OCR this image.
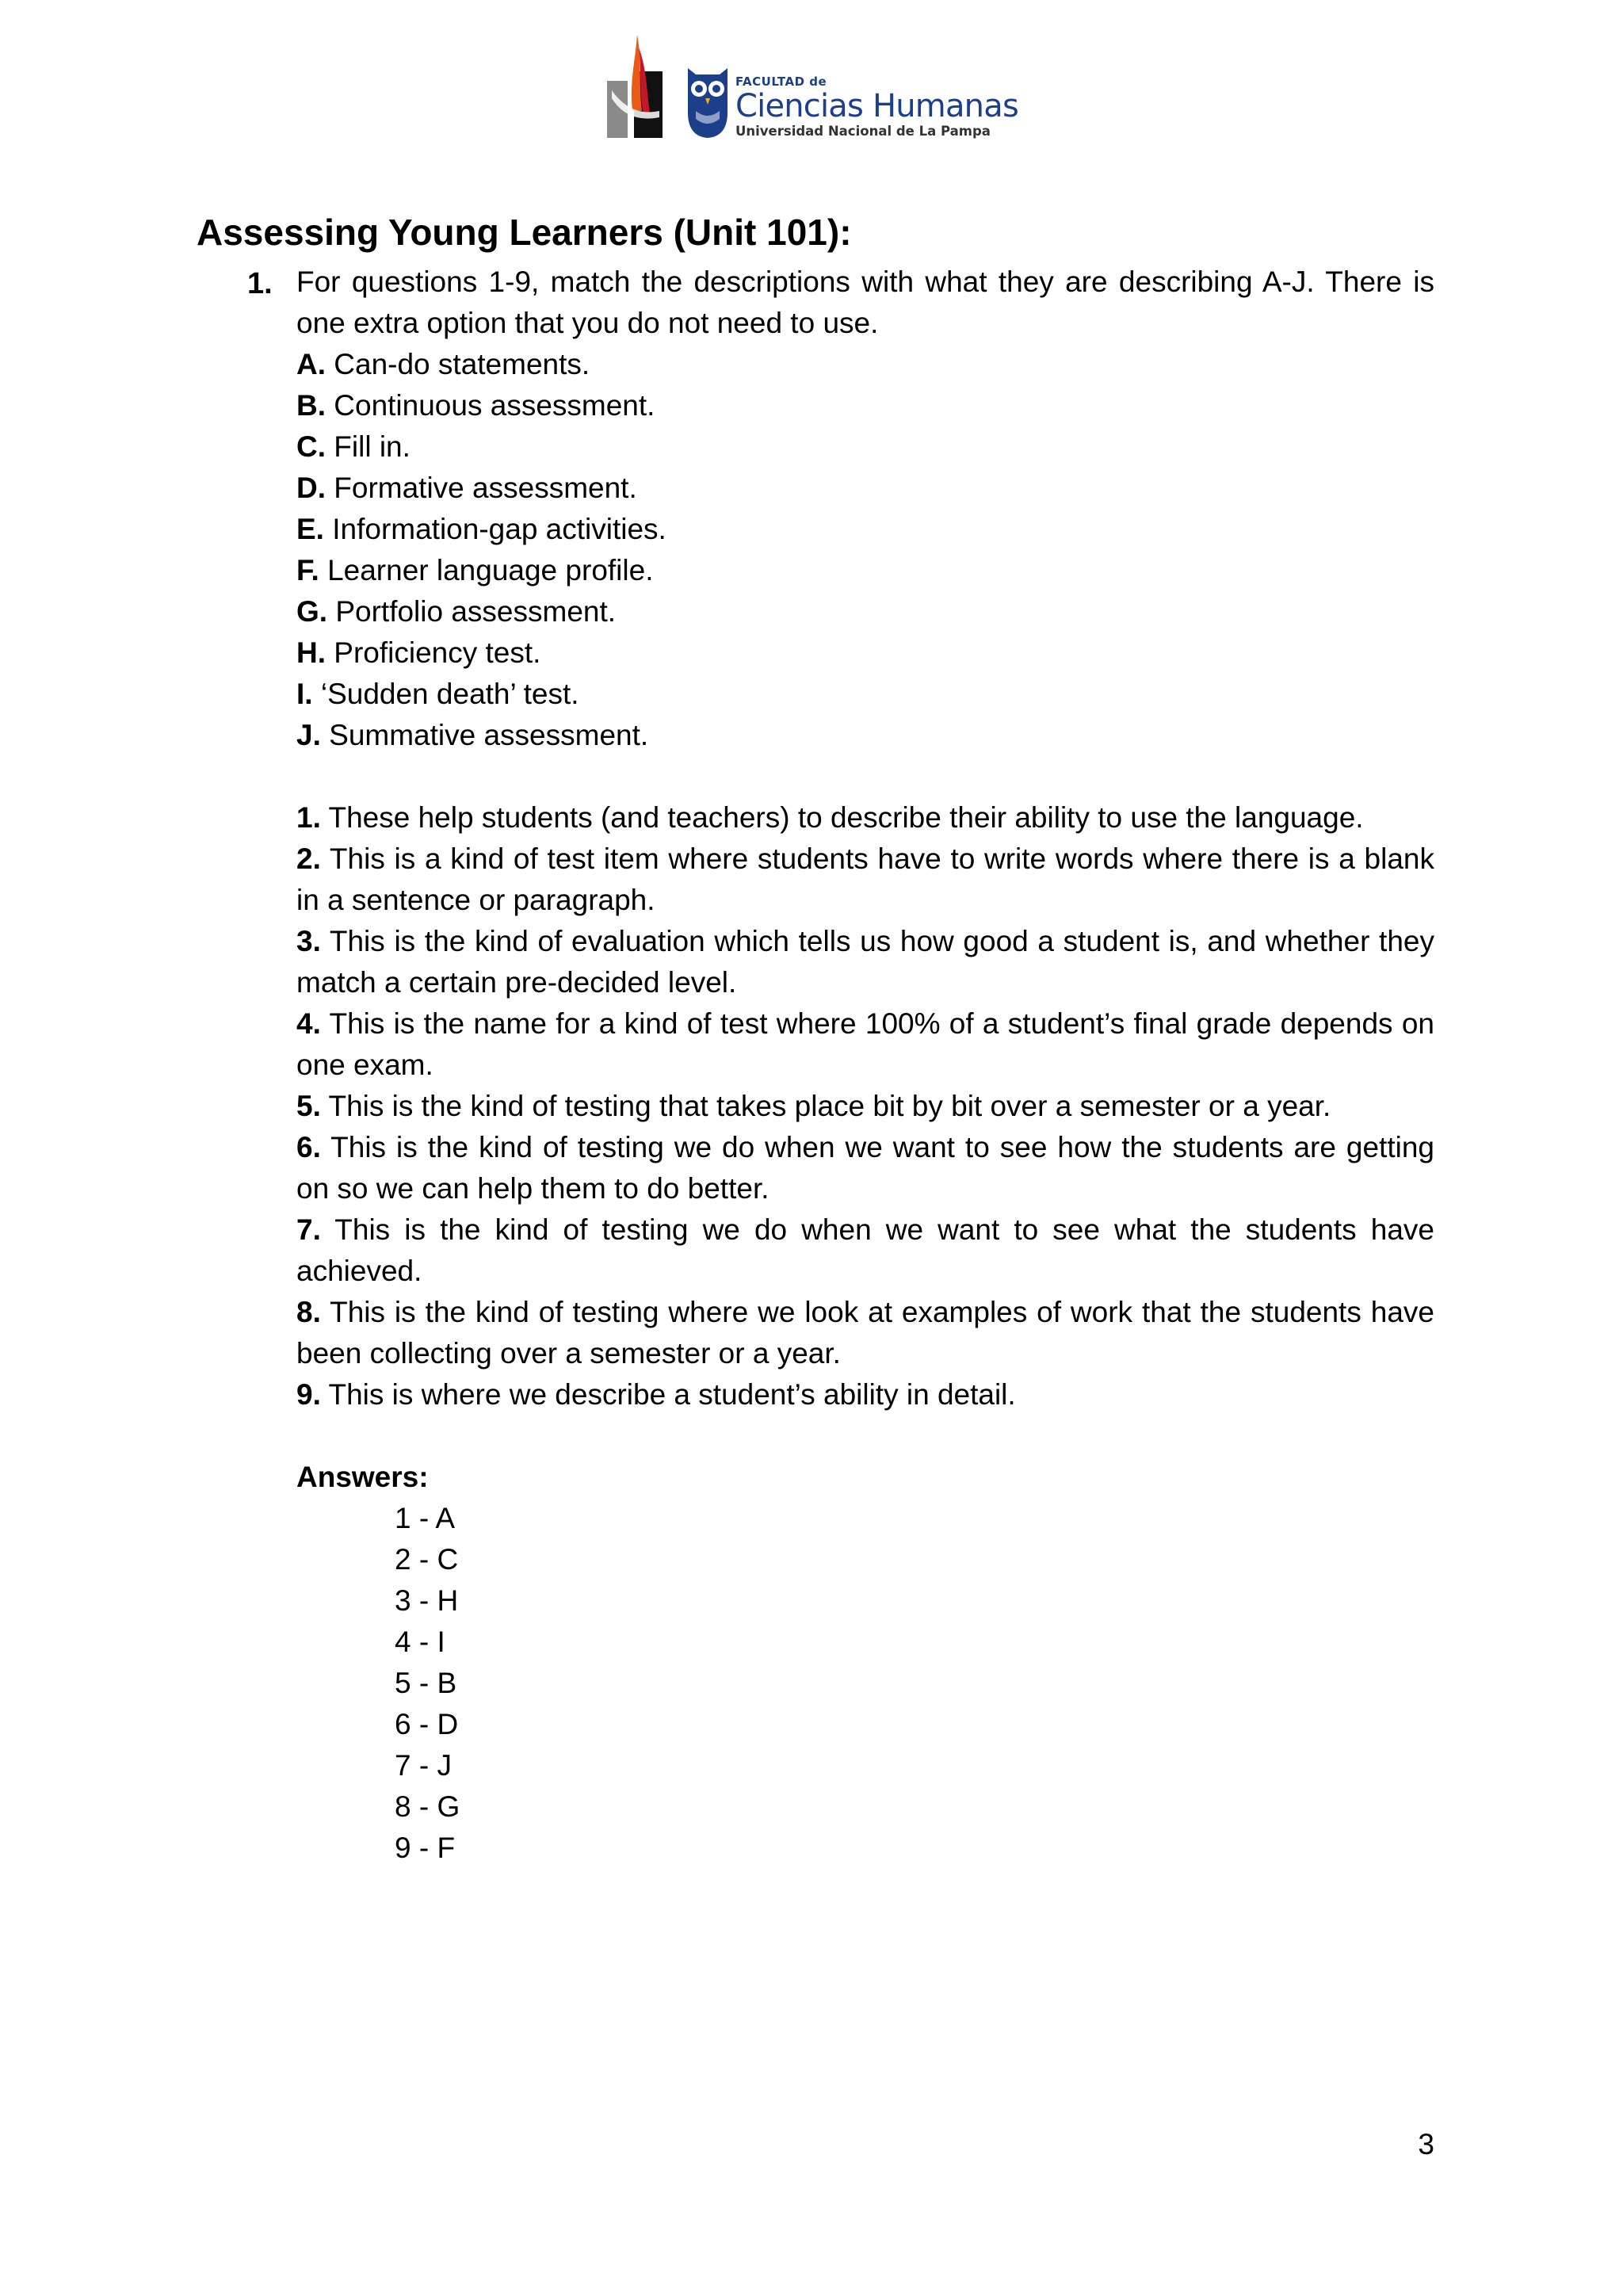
FACULTAD de
Ciencias Humanas
Universidad Nacional de La Pampa
Assessing Young Learners (Unit 101):
1. For questions 1-9, match the descriptions with what they are describing A-J. There is one extra option that you do not need to use.
A. Can-do statements.
B. Continuous assessment.
C. Fill in.
D. Formative assessment.
E. Information-gap activities.
F. Learner language profile.
G. Portfolio assessment.
H. Proficiency test.
I. ‘Sudden death’ test.
J. Summative assessment.
1. These help students (and teachers) to describe their ability to use the language.
2. This is a kind of test item where students have to write words where there is a blank in a sentence or paragraph.
3. This is the kind of evaluation which tells us how good a student is, and whether they match a certain pre-decided level.
4. This is the name for a kind of test where 100% of a student’s final grade depends on one exam.
5. This is the kind of testing that takes place bit by bit over a semester or a year.
6. This is the kind of testing we do when we want to see how the students are getting on so we can help them to do better.
7. This is the kind of testing we do when we want to see what the students have achieved.
8. This is the kind of testing where we look at examples of work that the students have been collecting over a semester or a year.
9. This is where we describe a student’s ability in detail.
Answers:
1 - A
2 - C
3 - H
4 - I
5 - B
6 - D
7 - J
8 - G
9 - F
3
